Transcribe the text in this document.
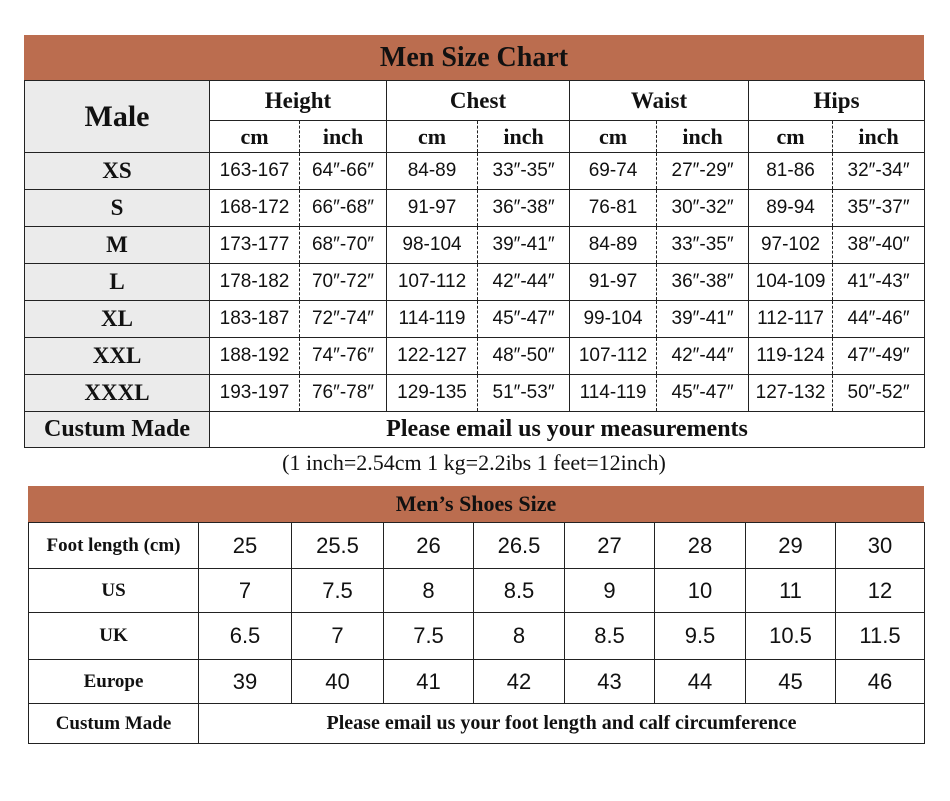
Men Size Chart
Male	Height		Chest		Waist		Hips	
	cm	inch	cm	inch	cm	inch	cm	inch
XS	163-167	64″-66″	84-89	33″-35″	69-74	27″-29″	81-86	32″-34″
S	168-172	66″-68″	91-97	36″-38″	76-81	30″-32″	89-94	35″-37″
M	173-177	68″-70″	98-104	39″-41″	84-89	33″-35″	97-102	38″-40″
L	178-182	70″-72″	107-112	42″-44″	91-97	36″-38″	104-109	41″-43″
XL	183-187	72″-74″	114-119	45″-47″	99-104	39″-41″	112-117	44″-46″
XXL	188-192	74″-76″	122-127	48″-50″	107-112	42″-44″	119-124	47″-49″
XXXL	193-197	76″-78″	129-135	51″-53″	114-119	45″-47″	127-132	50″-52″
Custum Made	Please email us your measurements							
(1 inch=2.54cm 1 kg=2.2ibs 1 feet=12inch)
Men’s Shoes Size
Foot length (cm)	25	25.5	26	26.5	27	28	29	30
US	7	7.5	8	8.5	9	10	11	12
UK	6.5	7	7.5	8	8.5	9.5	10.5	11.5
Europe	39	40	41	42	43	44	45	46
Custum Made	Please email us your foot length and calf circumference							
